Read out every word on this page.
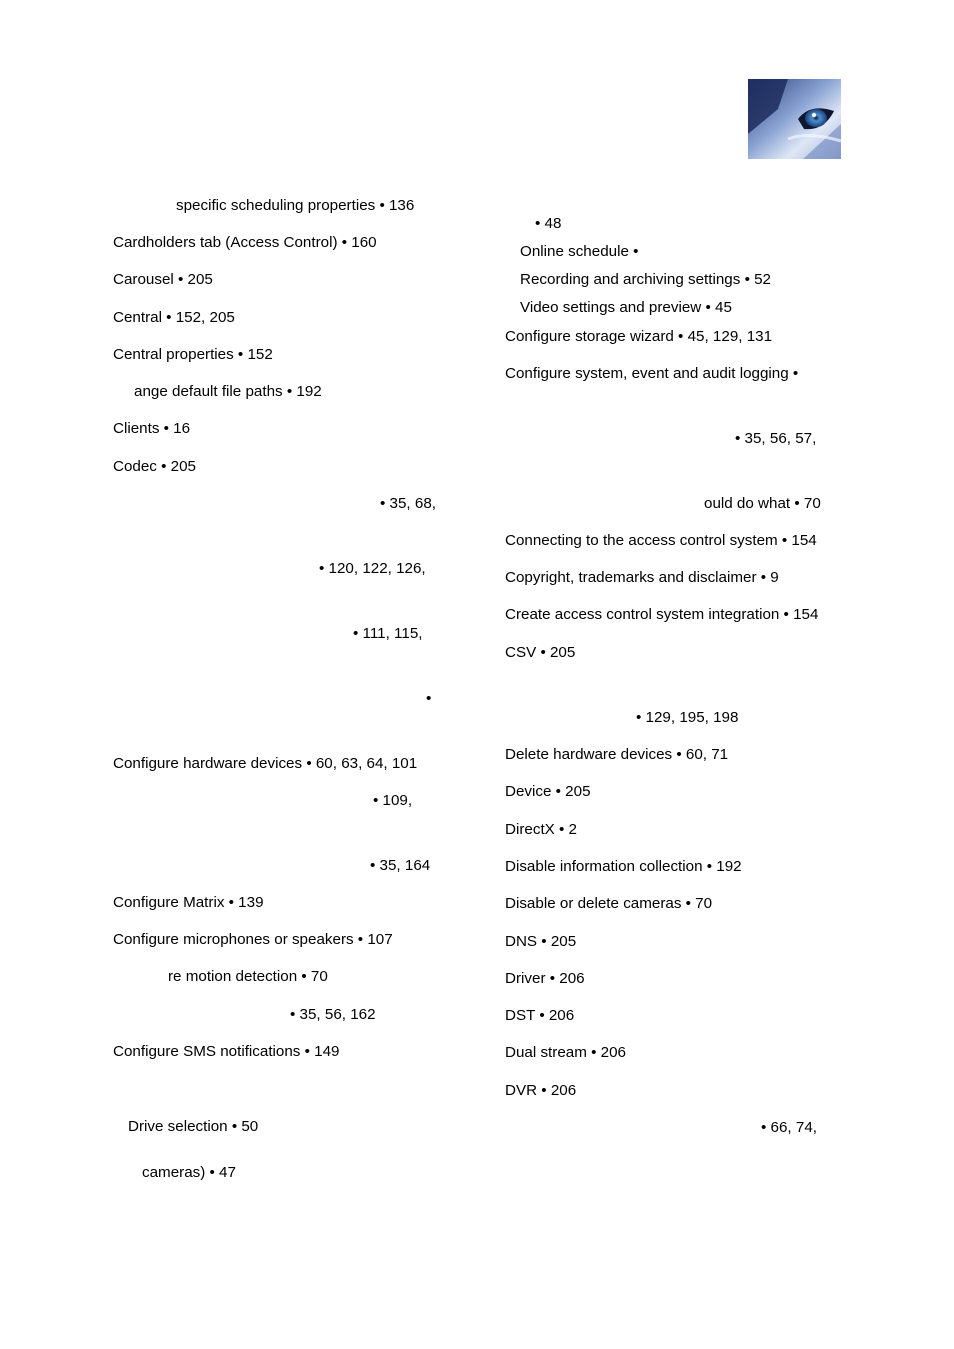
specific scheduling properties • 136
Cardholders tab (Access Control) • 160
Carousel • 205
Central • 152, 205
Central properties • 152
ange default file paths • 192
Clients • 16
Codec • 205
• 35, 68,
• 120, 122, 126,
• 111, 115,
•
Configure hardware devices • 60, 63, 64, 101
• 109,
• 35, 164
Configure Matrix • 139
Configure microphones or speakers • 107
re motion detection • 70
• 35, 56, 162
Configure SMS notifications • 149
Drive selection • 50
cameras) • 47
• 48
Online schedule •
Recording and archiving settings • 52
Video settings and preview • 45
Configure storage wizard • 45, 129, 131
Configure system, event and audit logging •
• 35, 56, 57,
ould do what • 70
Connecting to the access control system • 154
Copyright, trademarks and disclaimer • 9
Create access control system integration • 154
CSV • 205
• 129, 195, 198
Delete hardware devices • 60, 71
Device • 205
DirectX • 2
Disable information collection • 192
Disable or delete cameras • 70
DNS • 205
Driver • 206
DST • 206
Dual stream • 206
DVR • 206
• 66, 74,
